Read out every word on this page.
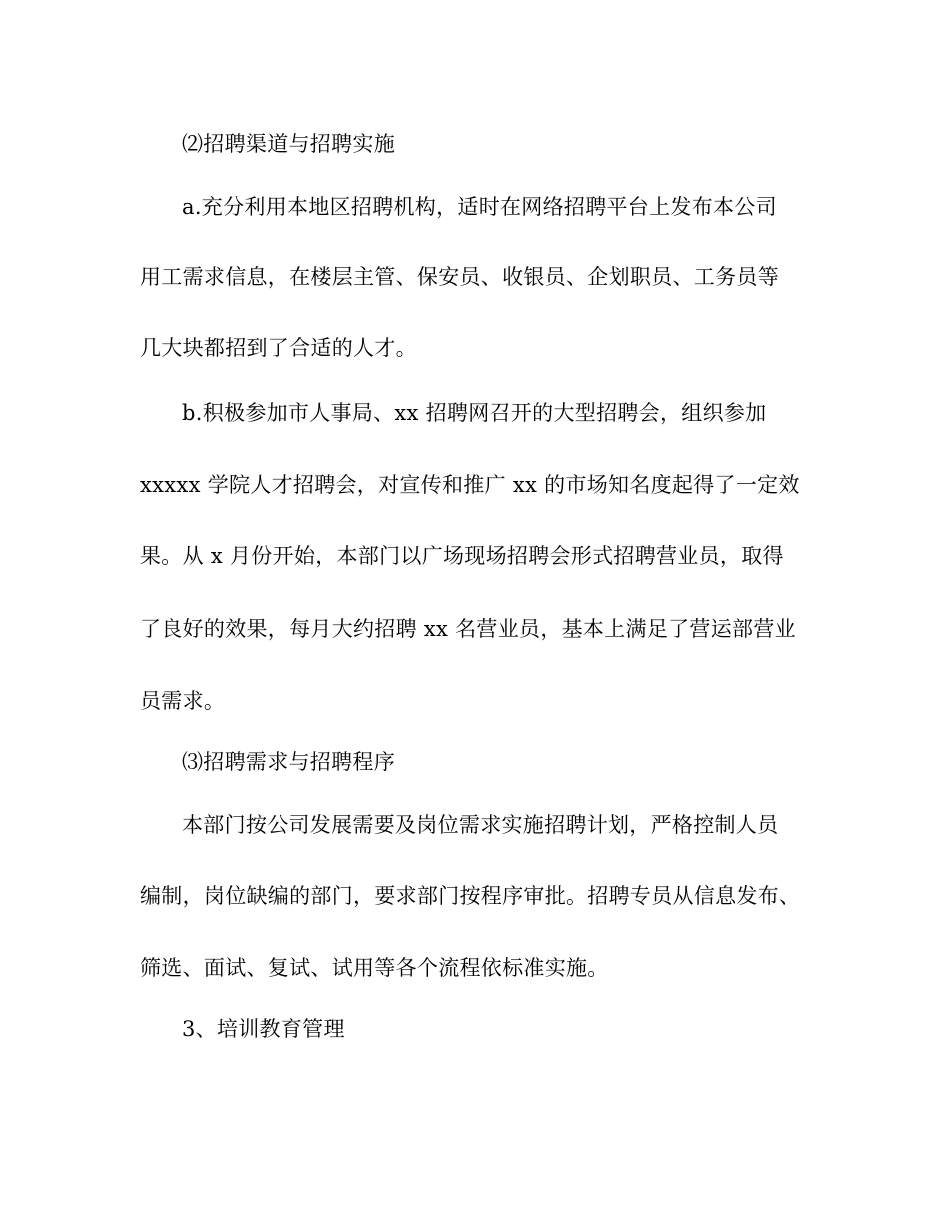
⑵招聘渠道与招聘实施
a.充分利用本地区招聘机构，适时在网络招聘平台上发布本公司
用工需求信息，在楼层主管、保安员、收银员、企划职员、工务员等
几大块都招到了合适的人才。
b.积极参加市人事局、xx 招聘网召开的大型招聘会，组织参加
xxxxx 学院人才招聘会，对宣传和推广 xx 的市场知名度起得了一定效
果。从 x 月份开始，本部门以广场现场招聘会形式招聘营业员，取得
了良好的效果，每月大约招聘 xx 名营业员，基本上满足了营运部营业
员需求。
⑶招聘需求与招聘程序
本部门按公司发展需要及岗位需求实施招聘计划，严格控制人员
编制，岗位缺编的部门，要求部门按程序审批。招聘专员从信息发布、
筛选、面试、复试、试用等各个流程依标准实施。
3、培训教育管理
